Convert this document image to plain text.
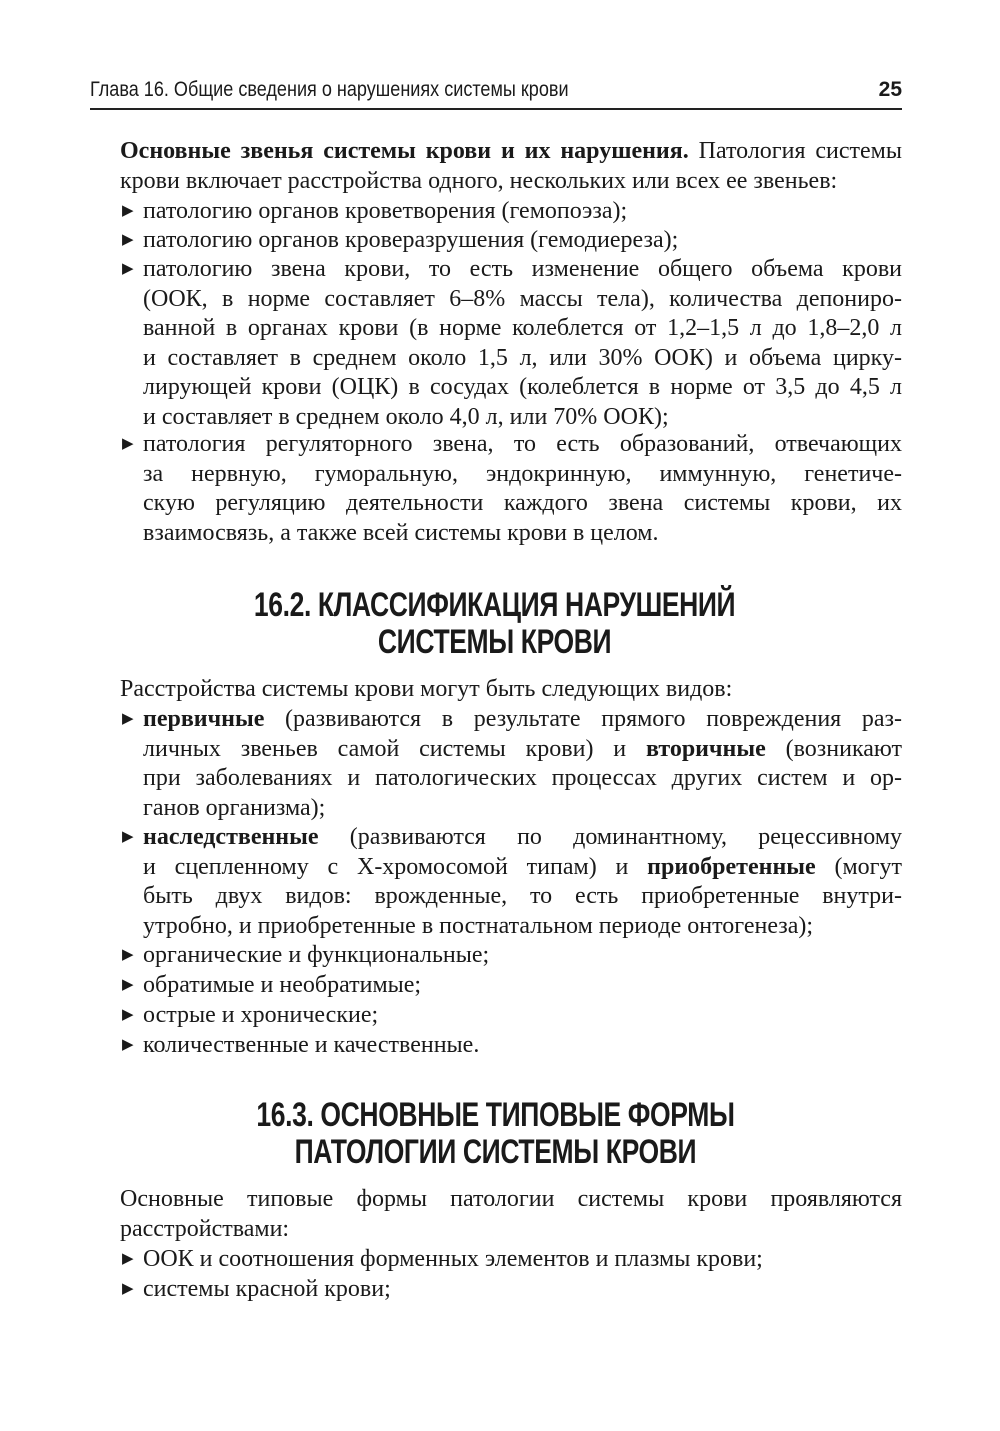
Глава 16. Общие сведения о нарушениях системы крови	25
Основные звенья системы крови и их нарушения. Патология системы
крови включает расстройства одного, нескольких или всех ее звеньев:
▶ патологию органов кроветворения (гемопоэза);
▶ патологию органов кроверазрушения (гемодиереза);
▶ патологию звена крови, то есть изменение общего объема крови
(ООК, в норме составляет 6–8% массы тела), количества депониро-
ванной в органах крови (в норме колеблется от 1,2–1,5 л до 1,8–2,0 л
и составляет в среднем около 1,5 л, или 30% ООК) и объема цирку-
лирующей крови (ОЦК) в сосудах (колеблется в норме от 3,5 до 4,5 л
и составляет в среднем около 4,0 л, или 70% ООК);
▶ патология регуляторного звена, то есть образований, отвечающих
за нервную, гуморальную, эндокринную, иммунную, генетиче-
скую регуляцию деятельности каждого звена системы крови, их
взаимосвязь, а также всей системы крови в целом.
16.2. КЛАССИФИКАЦИЯ НАРУШЕНИЙ
СИСТЕМЫ КРОВИ
Расстройства системы крови могут быть следующих видов:
▶ первичные (развиваются в результате прямого повреждения раз-
личных звеньев самой системы крови) и вторичные (возникают
при заболеваниях и патологических процессах других систем и ор-
ганов организма);
▶ наследственные (развиваются по доминантному, рецессивному
и сцепленному с Х-хромосомой типам) и приобретенные (могут
быть двух видов: врожденные, то есть приобретенные внутри-
утробно, и приобретенные в постнатальном периоде онтогенеза);
▶ органические и функциональные;
▶ обратимые и необратимые;
▶ острые и хронические;
▶ количественные и качественные.
16.3. ОСНОВНЫЕ ТИПОВЫЕ ФОРМЫ
ПАТОЛОГИИ СИСТЕМЫ КРОВИ
Основные типовые формы патологии системы крови проявляются
расстройствами:
▶ ООК и соотношения форменных элементов и плазмы крови;
▶ системы красной крови;
